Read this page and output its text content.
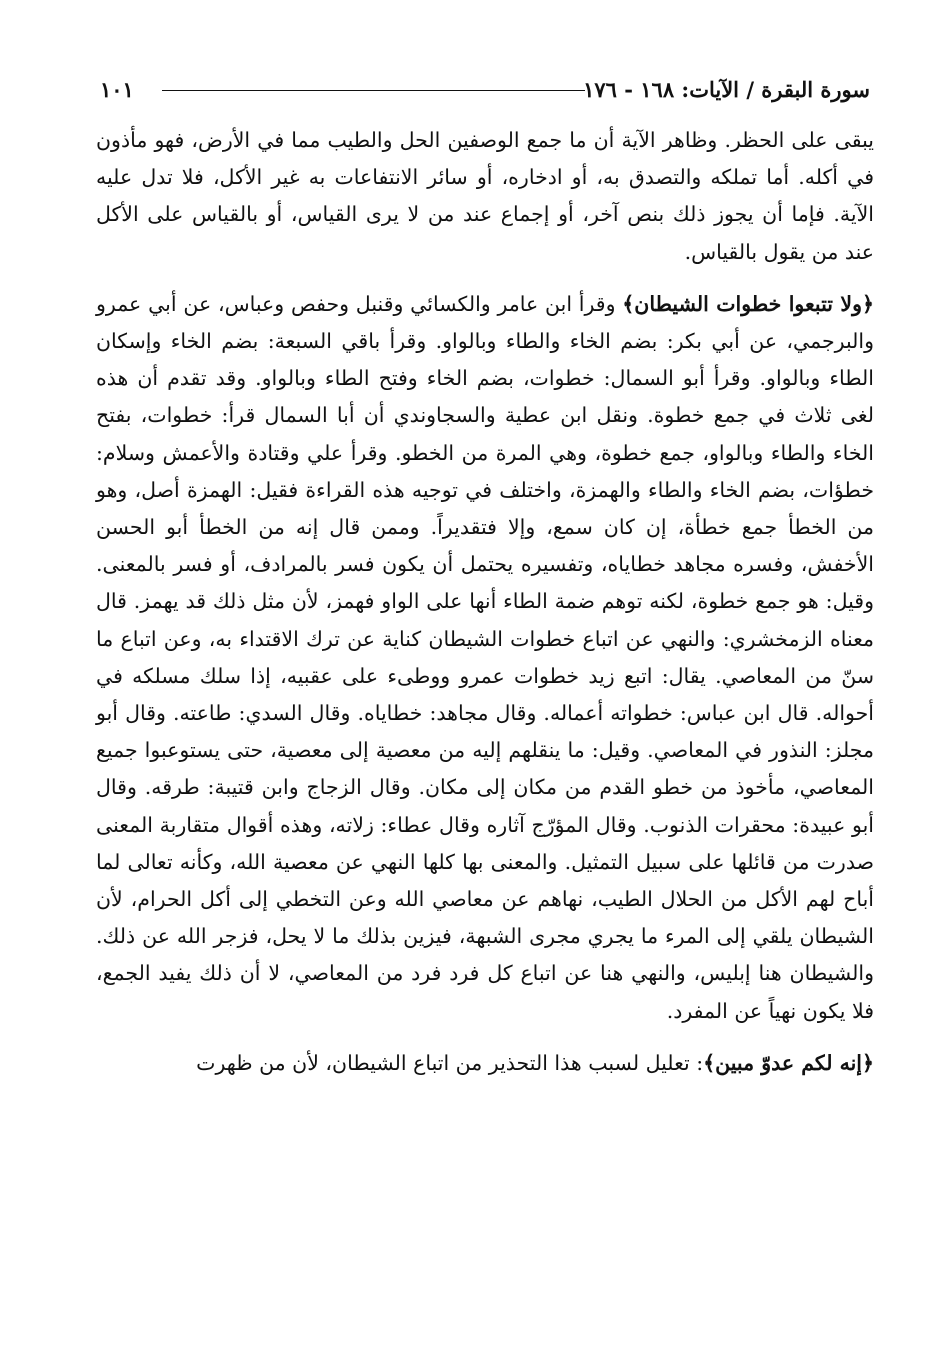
سورة البقرة / الآيات: ١٦٨ - ١٧٦
١٠١

يبقى على الحظر. وظاهر الآية أن ما جمع الوصفين الحل والطيب مما في الأرض، فهو مأذون في أكله. أما تملكه والتصدق به، أو ادخاره، أو سائر الانتفاعات به غير الأكل، فلا تدل عليه الآية. فإما أن يجوز ذلك بنص آخر، أو إجماع عند من لا يرى القياس، أو بالقياس على الأكل عند من يقول بالقياس.

﴿ولا تتبعوا خطوات الشيطان﴾ وقرأ ابن عامر والكسائي وقنبل وحفص وعباس، عن أبي عمرو والبرجمي، عن أبي بكر: بضم الخاء والطاء وبالواو. وقرأ باقي السبعة: بضم الخاء وإسكان الطاء وبالواو. وقرأ أبو السمال: خطوات، بضم الخاء وفتح الطاء وبالواو. وقد تقدم أن هذه لغى ثلاث في جمع خطوة. ونقل ابن عطية والسجاوندي أن أبا السمال قرأ: خطوات، بفتح الخاء والطاء وبالواو، جمع خطوة، وهي المرة من الخطو. وقرأ علي وقتادة والأعمش وسلام: خطؤات، بضم الخاء والطاء والهمزة، واختلف في توجيه هذه القراءة فقيل: الهمزة أصل، وهو من الخطأ جمع خطأة، إن كان سمع، وإلا فتقديراً. وممن قال إنه من الخطأ أبو الحسن الأخفش، وفسره مجاهد خطاياه، وتفسيره يحتمل أن يكون فسر بالمرادف، أو فسر بالمعنى. وقيل: هو جمع خطوة، لكنه توهم ضمة الطاء أنها على الواو فهمز، لأن مثل ذلك قد يهمز. قال معناه الزمخشري: والنهي عن اتباع خطوات الشيطان كناية عن ترك الاقتداء به، وعن اتباع ما سنّ من المعاصي. يقال: اتبع زيد خطوات عمرو ووطىء على عقبيه، إذا سلك مسلكه في أحواله. قال ابن عباس: خطواته أعماله. وقال مجاهد: خطاياه. وقال السدي: طاعته. وقال أبو مجلز: النذور في المعاصي. وقيل: ما ينقلهم إليه من معصية إلى معصية، حتى يستوعبوا جميع المعاصي، مأخوذ من خطو القدم من مكان إلى مكان. وقال الزجاج وابن قتيبة: طرقه. وقال أبو عبيدة: محقرات الذنوب. وقال المؤرّج آثاره وقال عطاء: زلاته، وهذه أقوال متقاربة المعنى صدرت من قائلها على سبيل التمثيل. والمعنى بها كلها النهي عن معصية الله، وكأنه تعالى لما أباح لهم الأكل من الحلال الطيب، نهاهم عن معاصي الله وعن التخطي إلى أكل الحرام، لأن الشيطان يلقي إلى المرء ما يجري مجرى الشبهة، فيزين بذلك ما لا يحل، فزجر الله عن ذلك. والشيطان هنا إبليس، والنهي هنا عن اتباع كل فرد فرد من المعاصي، لا أن ذلك يفيد الجمع، فلا يكون نهياً عن المفرد.

﴿إنه لكم عدوّ مبين﴾: تعليل لسبب هذا التحذير من اتباع الشيطان، لأن من ظهرت
